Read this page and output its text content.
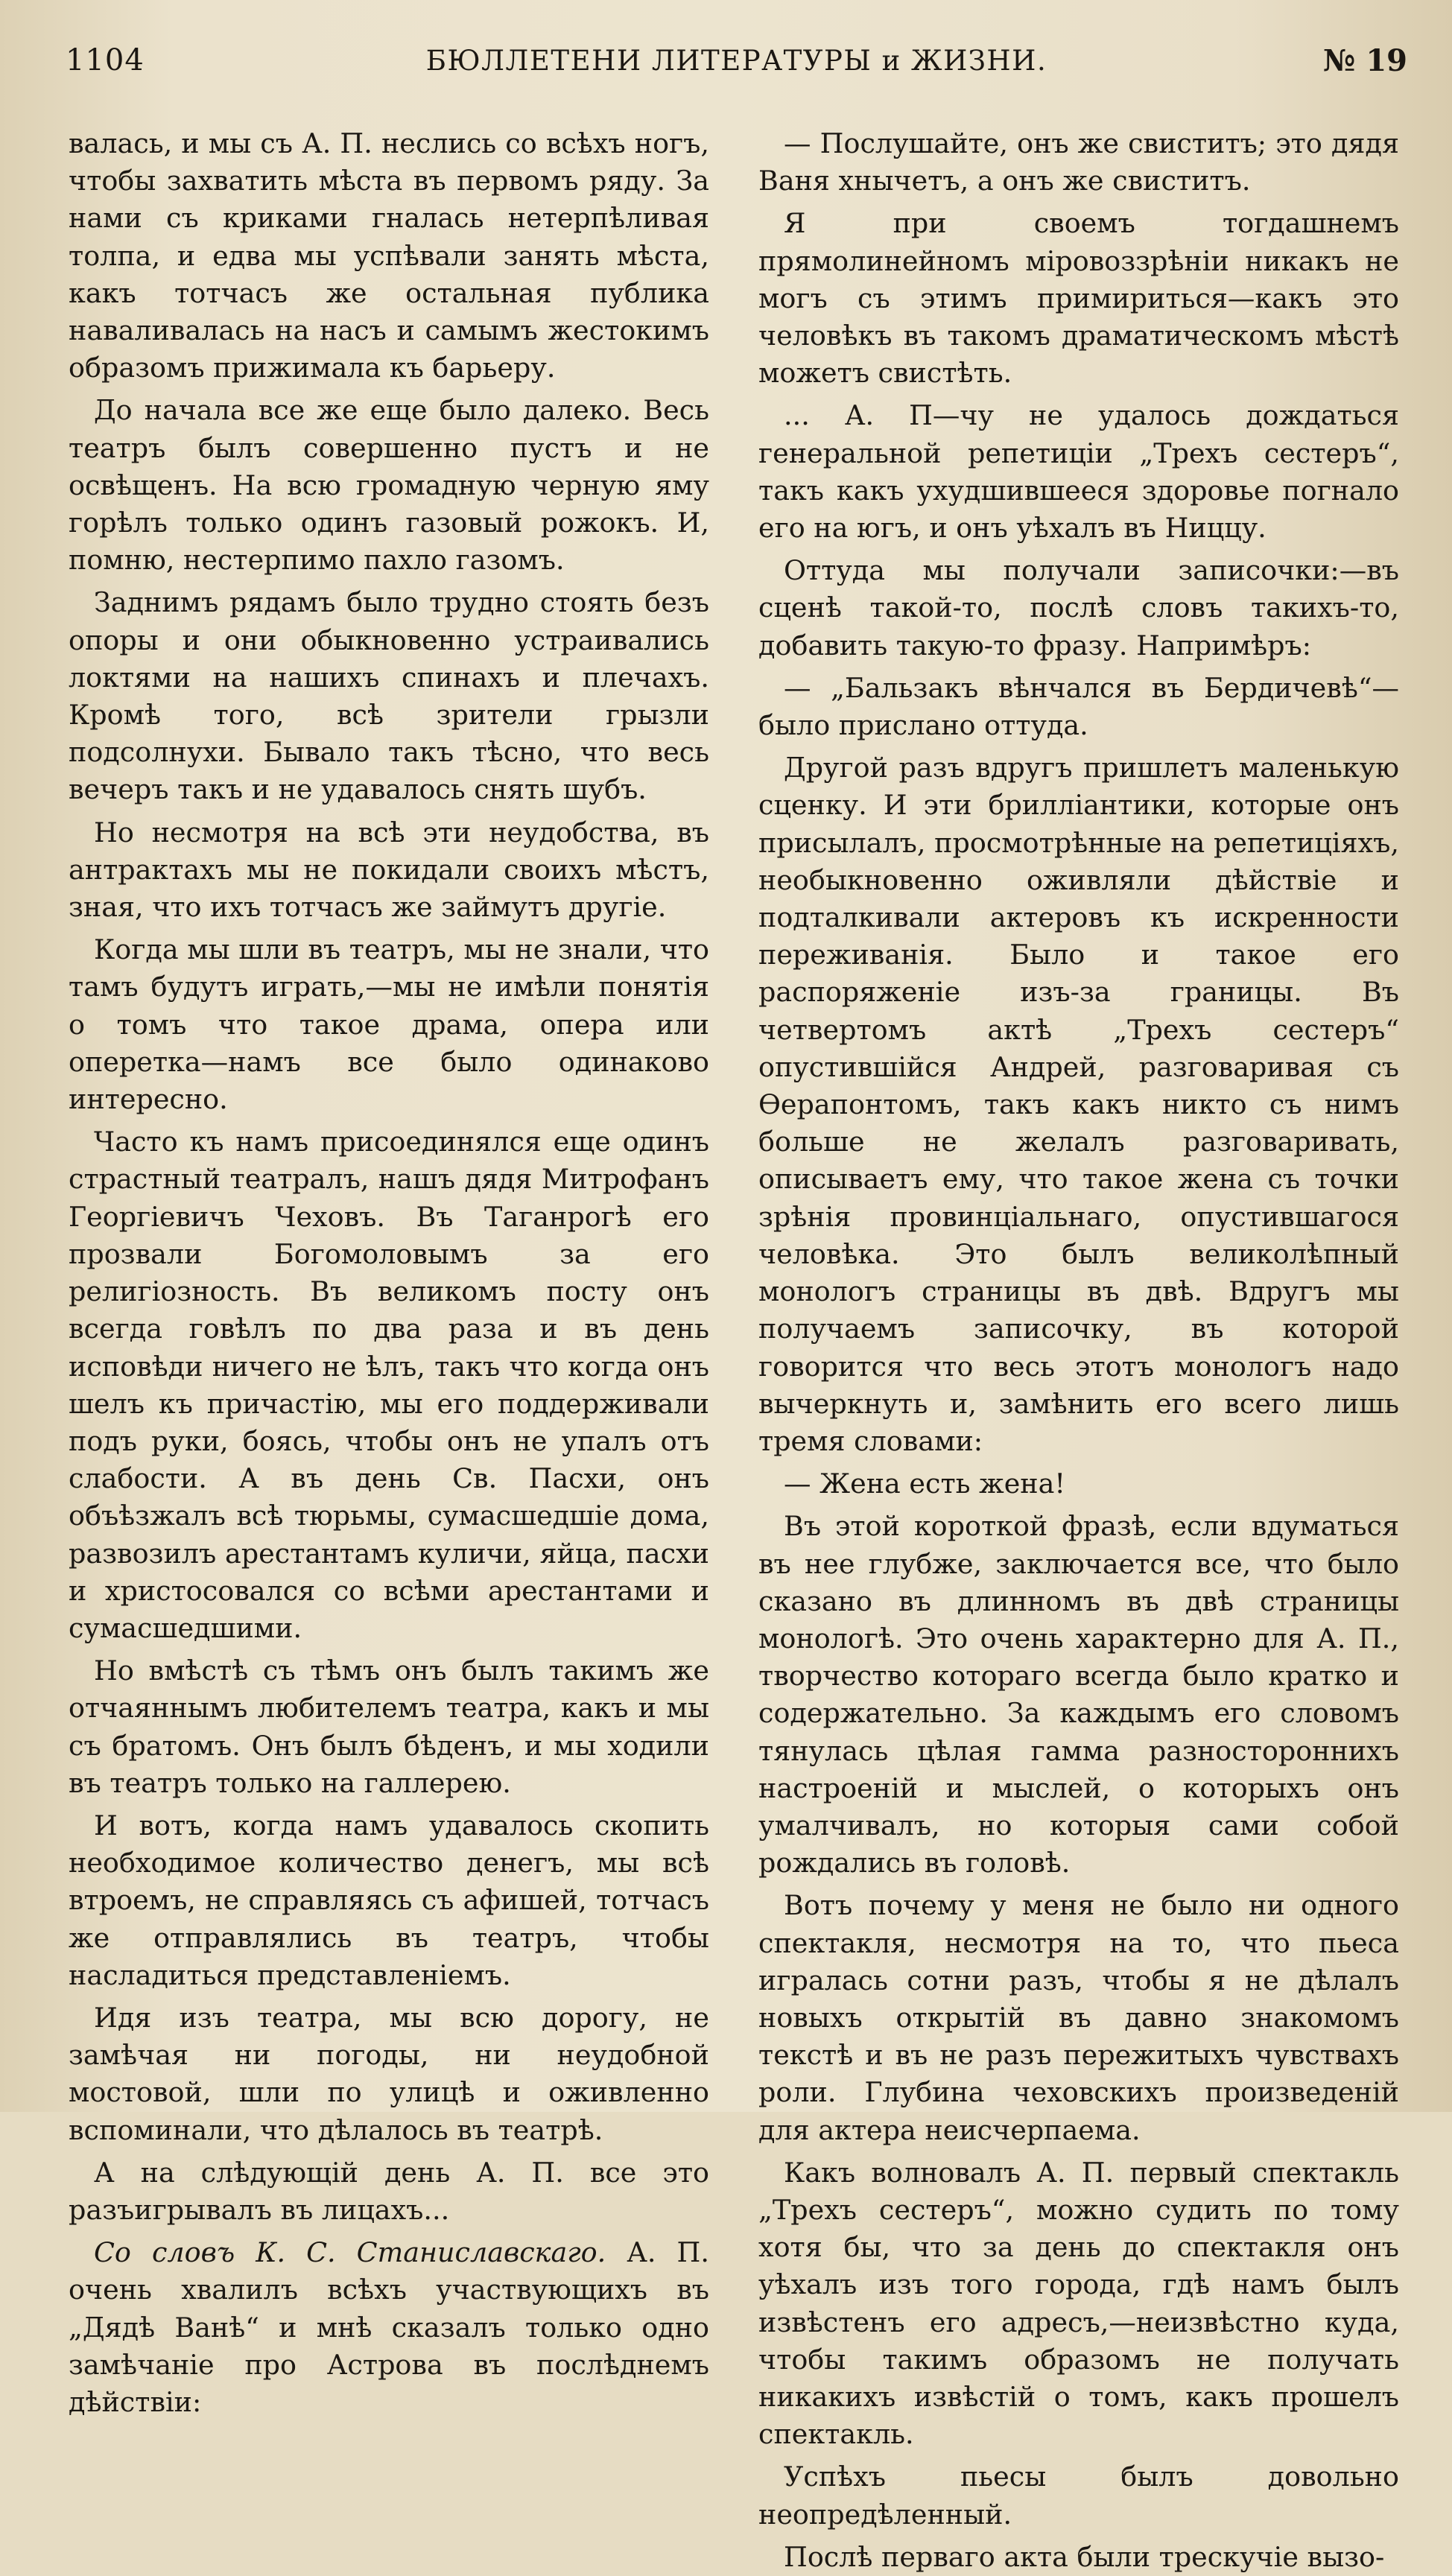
1104	БЮЛЛЕТЕНИ ЛИТЕРАТУРЫ и ЖИЗНИ.	№ 19

валась, и мы съ А. П. неслись со всѣхъ ногъ, чтобы захватить мѣста въ первомъ ряду. За нами съ криками гналась нетерпѣливая толпа, и едва мы успѣвали занять мѣста, какъ тотчасъ же остальная публика наваливалась на насъ и самымъ жестокимъ образомъ прижимала къ барьеру.

До начала все же еще было далеко. Весь театръ былъ совершенно пустъ и не освѣщенъ. На всю громадную черную яму горѣлъ только одинъ газовый рожокъ. И, помню, нестерпимо пахло газомъ.

Заднимъ рядамъ было трудно стоять безъ опоры и они обыкновенно устраивались локтями на нашихъ спинахъ и плечахъ. Кромѣ того, всѣ зрители грызли подсолнухи. Бывало такъ тѣсно, что весь вечеръ такъ и не удавалось снять шубъ.

Но несмотря на всѣ эти неудобства, въ антрактахъ мы не покидали своихъ мѣстъ, зная, что ихъ тотчасъ же займутъ другіе.

Когда мы шли въ театръ, мы не знали, что тамъ будутъ играть,—мы не имѣли понятія о томъ что такое драма, опера или оперетка—намъ все было одинаково интересно.

Часто къ намъ присоединялся еще одинъ страстный театралъ, нашъ дядя Митрофанъ Георгіевичъ Чеховъ. Въ Таганрогѣ его прозвали Богомоловымъ за его религіозность. Въ великомъ посту онъ всегда говѣлъ по два раза и въ день исповѣди ничего не ѣлъ, такъ что когда онъ шелъ къ причастію, мы его поддерживали подъ руки, боясь, чтобы онъ не упалъ отъ слабости. А въ день Св. Пасхи, онъ объѣзжалъ всѣ тюрьмы, сумасшедшіе дома, развозилъ арестантамъ куличи, яйца, пасхи и христосовался со всѣми арестантами и сумасшедшими.

Но вмѣстѣ съ тѣмъ онъ былъ такимъ же отчаяннымъ любителемъ театра, какъ и мы съ братомъ. Онъ былъ бѣденъ, и мы ходили въ театръ только на галлерею.

И вотъ, когда намъ удавалось скопить необходимое количество денегъ, мы всѣ втроемъ, не справляясь съ афишей, тотчасъ же отправлялись въ театръ, чтобы насладиться представленіемъ.

Идя изъ театра, мы всю дорогу, не замѣчая ни погоды, ни неудобной мостовой, шли по улицѣ и оживленно вспоминали, что дѣлалось въ театрѣ.

А на слѣдующій день А. П. все это разъигрывалъ въ лицахъ...

Со словъ К. С. Станиславскаго. А. П. очень хвалилъ всѣхъ участвующихъ въ „Дядѣ Ванѣ“ и мнѣ сказалъ только одно замѣчаніе про Астрова въ послѣднемъ дѣйствіи:

— Послушайте, онъ же свиститъ; это дядя Ваня хнычетъ, а онъ же свиститъ.

Я при своемъ тогдашнемъ прямолинейномъ міровоззрѣніи никакъ не могъ съ этимъ примириться—какъ это человѣкъ въ такомъ драматическомъ мѣстѣ можетъ свистѣть.

... А. П—чу не удалось дождаться генеральной репетиціи „Трехъ сестеръ“, такъ какъ ухудшившееся здоровье погнало его на югъ, и онъ уѣхалъ въ Ниццу.

Оттуда мы получали записочки:—въ сценѣ такой-то, послѣ словъ такихъ-то, добавить такую-то фразу. Напримѣръ:

— „Бальзакъ вѣнчался въ Бердичевѣ“— было прислано оттуда.

Другой разъ вдругъ пришлетъ маленькую сценку. И эти бриллiантики, которые онъ присылалъ, просмотрѣнные на репетиціяхъ, необыкновенно оживляли дѣйствіе и подталкивали актеровъ къ искренности переживанія. Было и такое его распоряженіе изъ-за границы. Въ четвертомъ актѣ „Трехъ сестеръ“ опустившійся Андрей, разговаривая съ Ѳерапонтомъ, такъ какъ никто съ нимъ больше не желалъ разговаривать, описываетъ ему, что такое жена съ точки зрѣнія провинціальнаго, опустившагося человѣка. Это былъ великолѣпный монологъ страницы въ двѣ. Вдругъ мы получаемъ записочку, въ которой говорится что весь этотъ монологъ надо вычеркнуть и, замѣнить его всего лишь тремя словами:

— Жена есть жена!

Въ этой короткой фразѣ, если вдуматься въ нее глубже, заключается все, что было сказано въ длинномъ въ двѣ страницы монологѣ. Это очень характерно для А. П., творчество котораго всегда было кратко и содержательно. За каждымъ его словомъ тянулась цѣлая гамма разностороннихъ настроеній и мыслей, о которыхъ онъ умалчивалъ, но которыя сами собой рождались въ головѣ.

Вотъ почему у меня не было ни одного спектакля, несмотря на то, что пьеса игралась сотни разъ, чтобы я не дѣлалъ новыхъ открытій въ давно знакомомъ текстѣ и въ не разъ пережитыхъ чувствахъ роли. Глубина чеховскихъ произведеній для актера неисчерпаема.

Какъ волновалъ А. П. первый спектакль „Трехъ сестеръ“, можно судить по тому хотя бы, что за день до спектакля онъ уѣхалъ изъ того города, гдѣ намъ былъ извѣстенъ его адресъ,—неизвѣстно куда, чтобы такимъ образомъ не получать никакихъ извѣстій о томъ, какъ прошелъ спектакль.

Успѣхъ пьесы былъ довольно неопредѣленный.

Послѣ перваго акта были трескучіе вызо-
